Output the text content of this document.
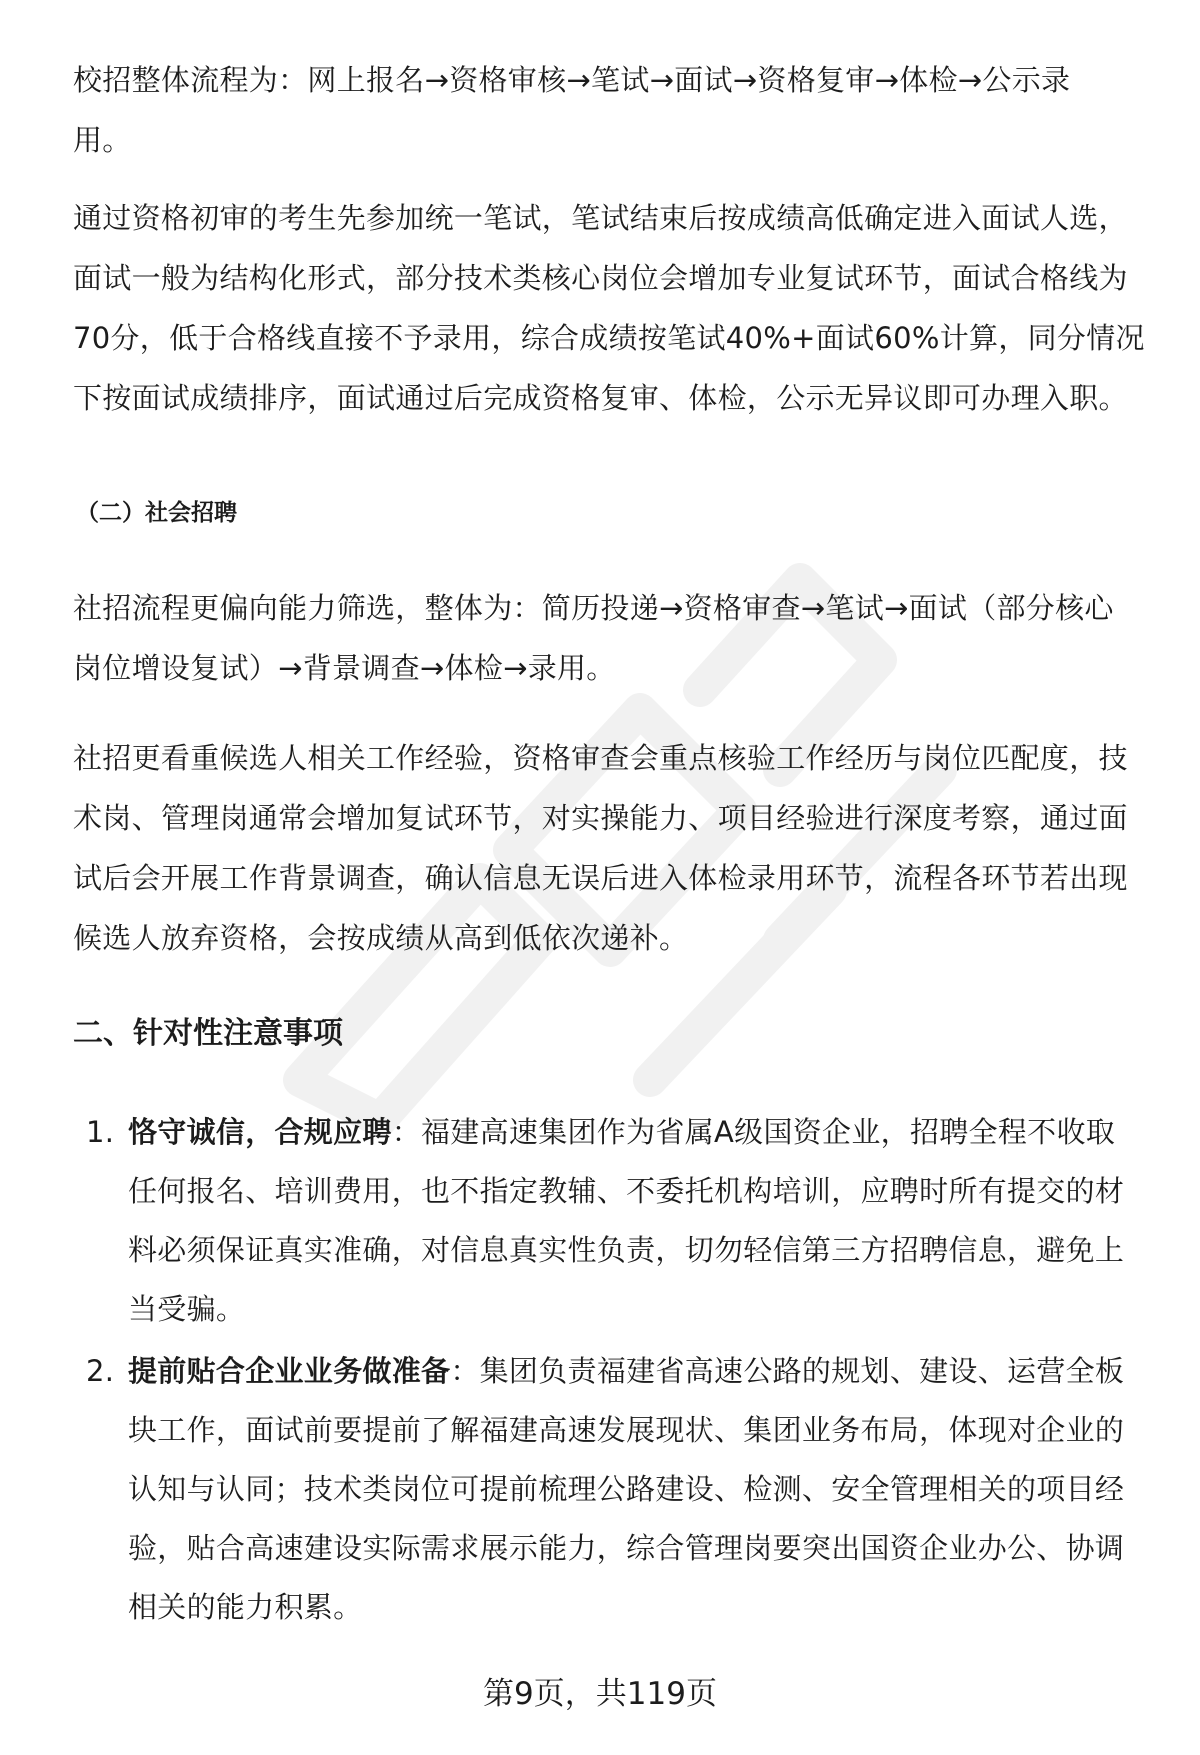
校招整体流程为：网上报名→资格审核→笔试→面试→资格复审→体检→公示录
用。

通过资格初审的考生先参加统一笔试，笔试结束后按成绩高低确定进入面试人选，
面试一般为结构化形式，部分技术类核心岗位会增加专业复试环节，面试合格线为
70分，低于合格线直接不予录用，综合成绩按笔试40%+面试60%计算，同分情况
下按面试成绩排序，面试通过后完成资格复审、体检，公示无异议即可办理入职。

（二）社会招聘

社招流程更偏向能力筛选，整体为：简历投递→资格审查→笔试→面试（部分核心
岗位增设复试）→背景调查→体检→录用。

社招更看重候选人相关工作经验，资格审查会重点核验工作经历与岗位匹配度，技
术岗、管理岗通常会增加复试环节，对实操能力、项目经验进行深度考察，通过面
试后会开展工作背景调查，确认信息无误后进入体检录用环节，流程各环节若出现
候选人放弃资格，会按成绩从高到低依次递补。

二、针对性注意事项
1. 恪守诚信，合规应聘：福建高速集团作为省属A级国资企业，招聘全程不收取
任何报名、培训费用，也不指定教辅、不委托机构培训，应聘时所有提交的材
料必须保证真实准确，对信息真实性负责，切勿轻信第三方招聘信息，避免上
当受骗。
2. 提前贴合企业业务做准备：集团负责福建省高速公路的规划、建设、运营全板
块工作，面试前要提前了解福建高速发展现状、集团业务布局，体现对企业的
认知与认同；技术类岗位可提前梳理公路建设、检测、安全管理相关的项目经
验，贴合高速建设实际需求展示能力，综合管理岗要突出国资企业办公、协调
相关的能力积累。
第9页，共119页
